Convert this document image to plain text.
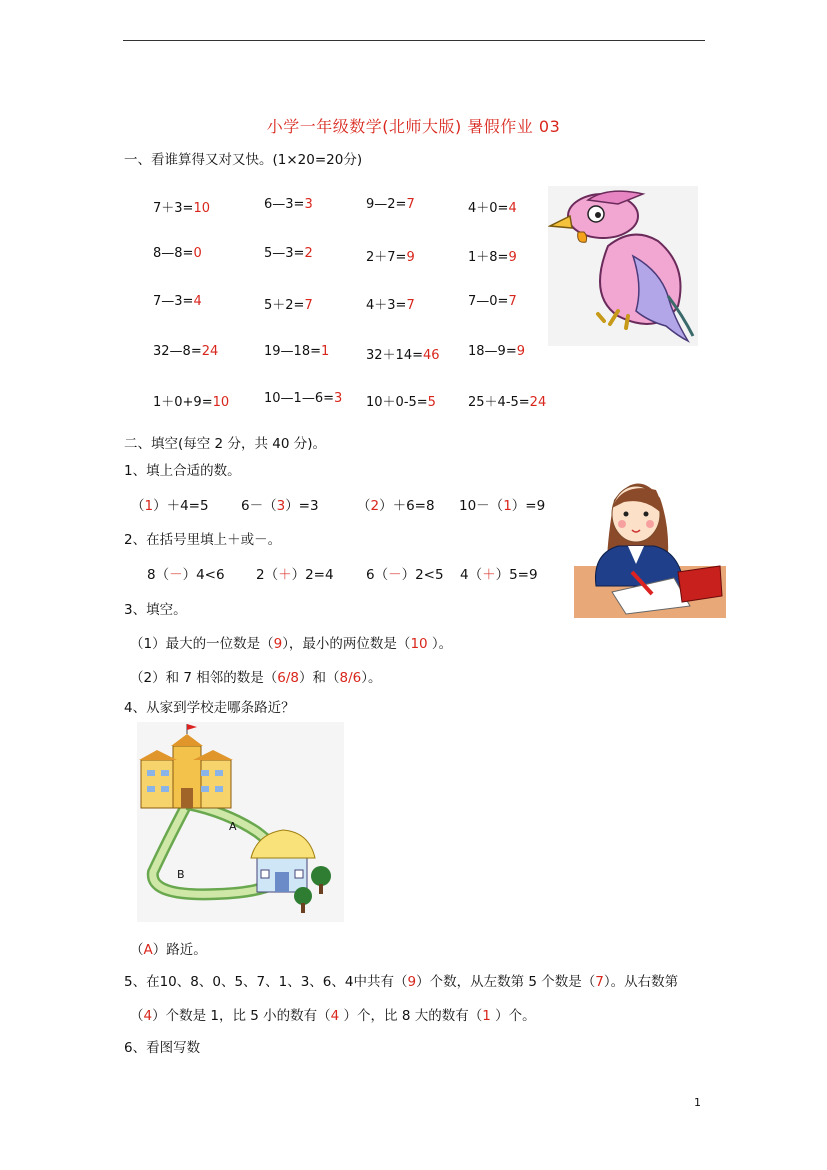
小学一年级数学(北师大版) 暑假作业 03
一、看谁算得又对又快。(1×20=20分)
7＋3=10	6—3=3	9—2=7	4＋0=4
8—8=0	5—3=2	2＋7=9	1＋8=9
7—3=4	5＋2=7	4＋3=7	7—0=7
32—8=24	19—18=1	32＋14=46 18—9=9
1＋0+9=10	10—1—6=3 10＋0-5=5 25＋4-5=24
二、填空(每空 2 分，共 40 分)。
1、填上合适的数。
（1）＋4=5 6－（3）=3	（2）＋6=8 10－（1）=9
2、在括号里填上＋或－。
8（－）4<6 2（＋）2=4 6（－）2<5 4（＋）5=9
3、填空。
（1）最大的一位数是（9），最小的两位数是（10 ）。
（2）和 7 相邻的数是（6/8）和（8/6）。
4、从家到学校走哪条路近？
A
B
（A）路近。
5、在10、8、0、5、7、1、3、6、4中共有（9）个数，从左数第 5 个数是（7）。从右数第
（4）个数是 1，比 5 小的数有（4 ）个，比 8 大的数有（1 ）个。
6、看图写数
1
